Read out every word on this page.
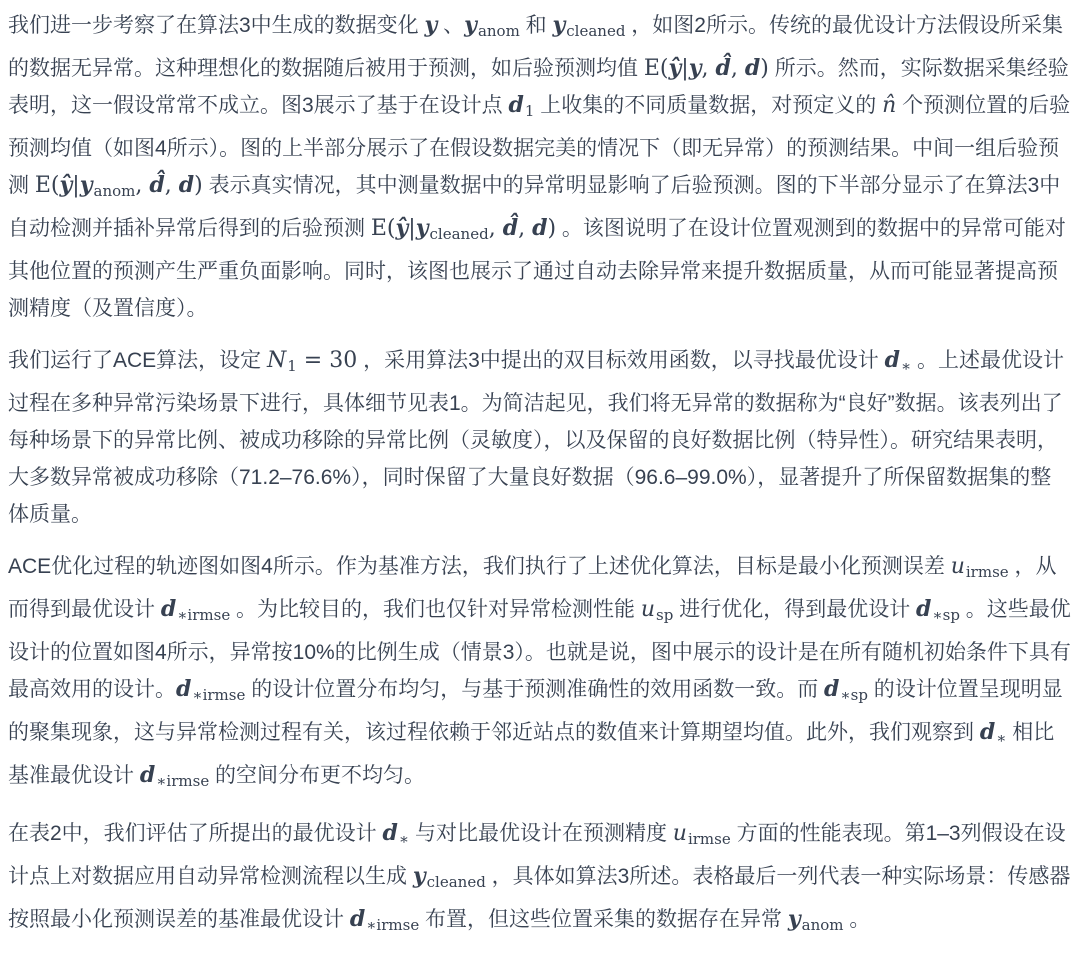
我们进一步考察了在算法3中生成的数据变化 y 、yanom 和 ycleaned ，如图2所示。传统的最优设计方法假设所采集的数据无异常。这种理想化的数据随后被用于预测，如后验预测均值 E(ŷ|y, d̂, d) 所示。然而，实际数据采集经验表明，这一假设常常不成立。图3展示了基于在设计点 d1 上收集的不同质量数据，对预定义的 n̂ 个预测位置的后验预测均值（如图4所示）。图的上半部分展示了在假设数据完美的情况下（即无异常）的预测结果。中间一组后验预测 E(ŷ|yanom, d̂, d) 表示真实情况，其中测量数据中的异常明显影响了后验预测。图的下半部分显示了在算法3中自动检测并插补异常后得到的后验预测 E(ŷ|ycleaned, d̂, d) 。该图说明了在设计位置观测到的数据中的异常可能对其他位置的预测产生严重负面影响。同时，该图也展示了通过自动去除异常来提升数据质量，从而可能显著提高预测精度（及置信度）。

我们运行了ACE算法，设定 N1 = 30 ，采用算法3中提出的双目标效用函数，以寻找最优设计 d∗ 。上述最优设计过程在多种异常污染场景下进行，具体细节见表1。为简洁起见，我们将无异常的数据称为“良好”数据。该表列出了每种场景下的异常比例、被成功移除的异常比例（灵敏度），以及保留的良好数据比例（特异性）。研究结果表明，大多数异常被成功移除（71.2–76.6%），同时保留了大量良好数据（96.6–99.0%），显著提升了所保留数据集的整体质量。

ACE优化过程的轨迹图如图4所示。作为基准方法，我们执行了上述优化算法，目标是最小化预测误差 uirmse ，从而得到最优设计 d∗irmse 。为比较目的，我们也仅针对异常检测性能 usp 进行优化，得到最优设计 d∗sp 。这些最优设计的位置如图4所示，异常按10%的比例生成（情景3）。也就是说，图中展示的设计是在所有随机初始条件下具有最高效用的设计。d∗irmse 的设计位置分布均匀，与基于预测准确性的效用函数一致。而 d∗sp 的设计位置呈现明显的聚集现象，这与异常检测过程有关，该过程依赖于邻近站点的数值来计算期望均值。此外，我们观察到 d∗ 相比基准最优设计 d∗irmse 的空间分布更不均匀。

在表2中，我们评估了所提出的最优设计 d∗ 与对比最优设计在预测精度 uirmse 方面的性能表现。第1–3列假设在设计点上对数据应用自动异常检测流程以生成 ycleaned ，具体如算法3所述。表格最后一列代表一种实际场景：传感器按照最小化预测误差的基准最优设计 d∗irmse 布置，但这些位置采集的数据存在异常 yanom 。
